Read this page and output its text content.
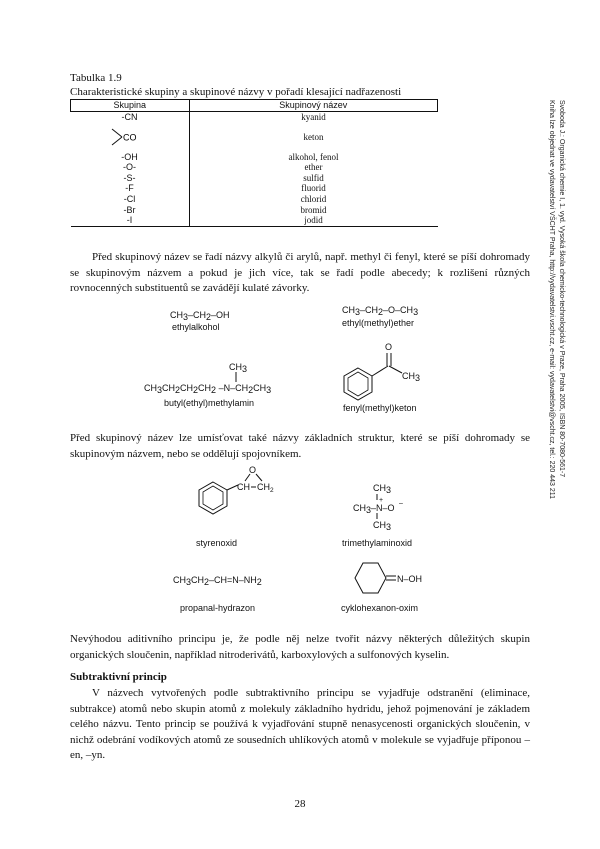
Tabulka 1.9
Charakteristické skupiny a skupinové názvy v pořadí klesající nadřazenosti
Skupina	Skupinový název
-CN	kyanid

CO	keton
-OH	alkohol, fenol
-O-	ether
-S-	sulfid
-F	fluorid
-Cl	chlorid
-Br	bromid
-I	jodid
Před skupinový název se řadí názvy alkylů či arylů, např. methyl či fenyl, které se píší dohromady se skupinovým názvem a pokud je jich více, tak se řadí podle abecedy; k rozlišení různých rovnocenných substituentů se zavádějí kulaté závorky.
CH3–CH2–OH	CH3–CH2–O–CH3
CH3CH2CH2CH2 –N–CH2CH3
CH3
O
CH3
ethylalkohol	ethyl(methyl)ether
butyl(ethyl)methylamin	fenyl(methyl)keton
Před skupinový název lze umísťovat také názvy základních struktur, které se píší dohromady se skupinovým názvem, nebo se oddělují spojovníkem.
CH CH 2
O
CH3
CH3–N–O –
+
CH3
CH3CH2–CH=N–NH2	N–OH
styrenoxid	trimethylaminoxid
propanal-hydrazon	cyklohexanon-oxim
Nevýhodou aditivního principu je, že podle něj nelze tvořit názvy některých důležitých skupin organických sloučenin, například nitroderivátů, karboxylových a sulfonových kyselin.
Subtraktivní princip
V názvech vytvořených podle subtraktivního principu se vyjadřuje odstranění (eliminace, subtrakce) atomů nebo skupin atomů z molekuly základního hydridu, jehož pojmenování je základem celého názvu. Tento princip se používá k vyjadřování stupně nenasycenosti organických sloučenin, v nichž odebrání vodíkových atomů ze sousedních uhlíkových atomů v molekule se vyjadřuje příponou –en, –yn.
28
Svoboda J.: Organická chemie I, 1. vyd. Vysoká škola chemicko-technologická v Praze, Praha 2005, ISBN 80-7080-561-7
Kniha lze objednat ve vydavatelství VŠCHT Praha, http://vydavatelstvi.vscht.cz, e-mail: vydavatelstvi@vscht.cz, tel.: 220 443 211
